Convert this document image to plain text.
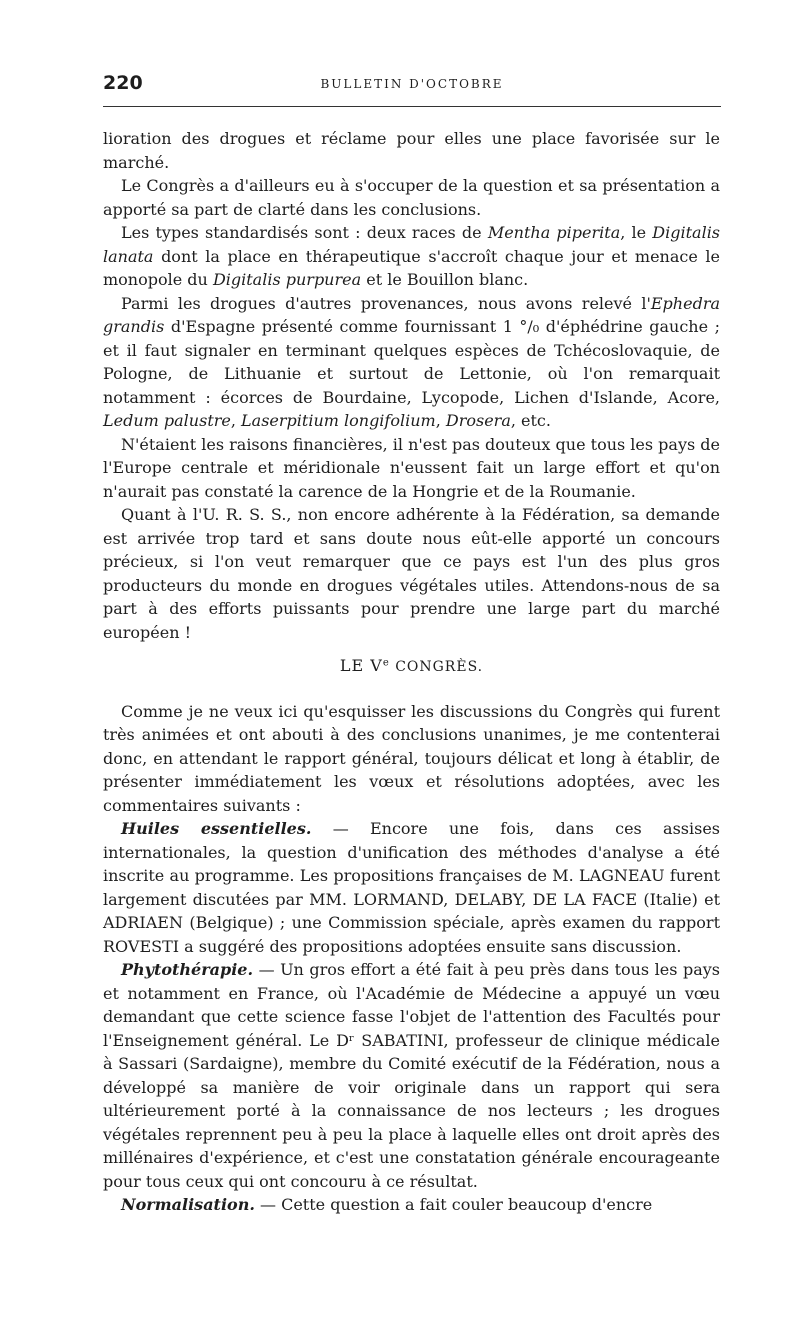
220	BULLETIN D'OCTOBRE

lioration des drogues et réclame pour elles une place favorisée sur le marché.

Le Congrès a d'ailleurs eu à s'occuper de la question et sa présentation a apporté sa part de clarté dans les conclusions.

Les types standardisés sont : deux races de Mentha piperita, le Digitalis lanata dont la place en thérapeutique s'accroît chaque jour et menace le monopole du Digitalis purpurea et le Bouillon blanc.

Parmi les drogues d'autres provenances, nous avons relevé l'Ephedra grandis d'Espagne présenté comme fournissant 1 °/₀ d'éphédrine gauche ; et il faut signaler en terminant quelques espèces de Tchécoslovaquie, de Pologne, de Lithuanie et surtout de Lettonie, où l'on remarquait notamment : écorces de Bourdaine, Lycopode, Lichen d'Islande, Acore, Ledum palustre, Laserpitium longifolium, Drosera, etc.

N'étaient les raisons financières, il n'est pas douteux que tous les pays de l'Europe centrale et méridionale n'eussent fait un large effort et qu'on n'aurait pas constaté la carence de la Hongrie et de la Roumanie.

Quant à l'U. R. S. S., non encore adhérente à la Fédération, sa demande est arrivée trop tard et sans doute nous eût-elle apporté un concours précieux, si l'on veut remarquer que ce pays est l'un des plus gros producteurs du monde en drogues végétales utiles. Attendons-nous de sa part à des efforts puissants pour prendre une large part du marché européen !

LE Ve CONGRÈS.

Comme je ne veux ici qu'esquisser les discussions du Congrès qui furent très animées et ont abouti à des conclusions unanimes, je me contenterai donc, en attendant le rapport général, toujours délicat et long à établir, de présenter immédiatement les vœux et résolutions adoptées, avec les commentaires suivants :

Huiles essentielles. — Encore une fois, dans ces assises internationales, la question d'unification des méthodes d'analyse a été inscrite au programme. Les propositions françaises de M. LAGNEAU furent largement discutées par MM. LORMAND, DELABY, DE LA FACE (Italie) et ADRIAEN (Belgique) ; une Commission spéciale, après examen du rapport ROVESTI a suggéré des propositions adoptées ensuite sans discussion.

Phytothérapie. — Un gros effort a été fait à peu près dans tous les pays et notamment en France, où l'Académie de Médecine a appuyé un vœu demandant que cette science fasse l'objet de l'attention des Facultés pour l'Enseignement général. Le Dʳ SABATINI, professeur de clinique médicale à Sassari (Sardaigne), membre du Comité exécutif de la Fédération, nous a développé sa manière de voir originale dans un rapport qui sera ultérieurement porté à la connaissance de nos lecteurs ; les drogues végétales reprennent peu à peu la place à laquelle elles ont droit après des millénaires d'expérience, et c'est une constatation générale encourageante pour tous ceux qui ont concouru à ce résultat.

Normalisation. — Cette question a fait couler beaucoup d'encre
